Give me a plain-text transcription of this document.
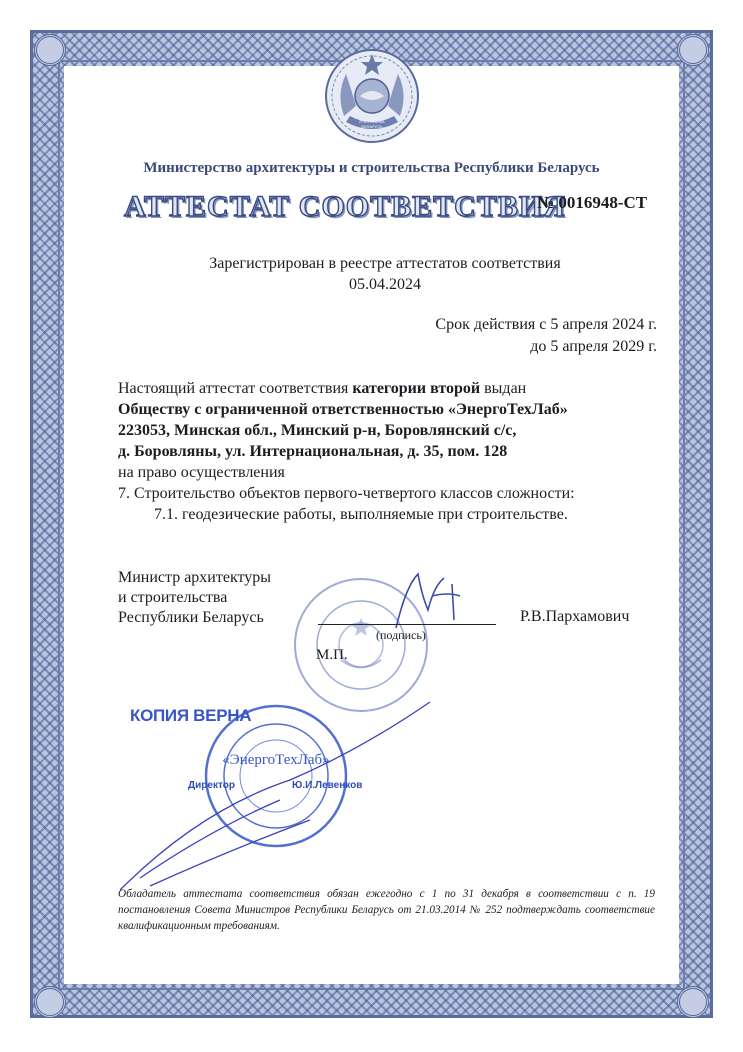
РЭСПУБЛІКА БЕЛАРУСЬ
Министерство архитектуры и строительства Республики Беларусь
АТТЕСТАТ СООТВЕТСТВИЯ
№ 0016948-СТ
Зарегистрирован в реестре аттестатов соответствия
05.04.2024
Срок действия с 5 апреля 2024 г.
до 5 апреля 2029 г.

Настоящий аттестат соответствия категории второй выдан

Обществу с ограниченной ответственностью «ЭнергоТехЛаб»

223053, Минская обл., Минский р-н, Боровлянский с/с,

д. Боровляны, ул. Интернациональная, д. 35, пом. 128

на право осуществления

7. Строительство объектов первого-четвертого классов сложности:

7.1. геодезические работы, выполняемые при строительстве.

Министр архитектуры
и строительства
Республики Беларусь
(подпись)
М.П.
Р.В.Пархамович
КОПИЯ ВЕРНА
«ЭнергоТехЛаб»
Директор	Ю.И.Левенков

Обладатель аттестата соответствия обязан ежегодно с 1 по 31 декабря в соответствии с п. 19 постановления Совета Министров Республики Беларусь от 21.03.2014 № 252 подтверждать соответствие квалификационным требованиям.
